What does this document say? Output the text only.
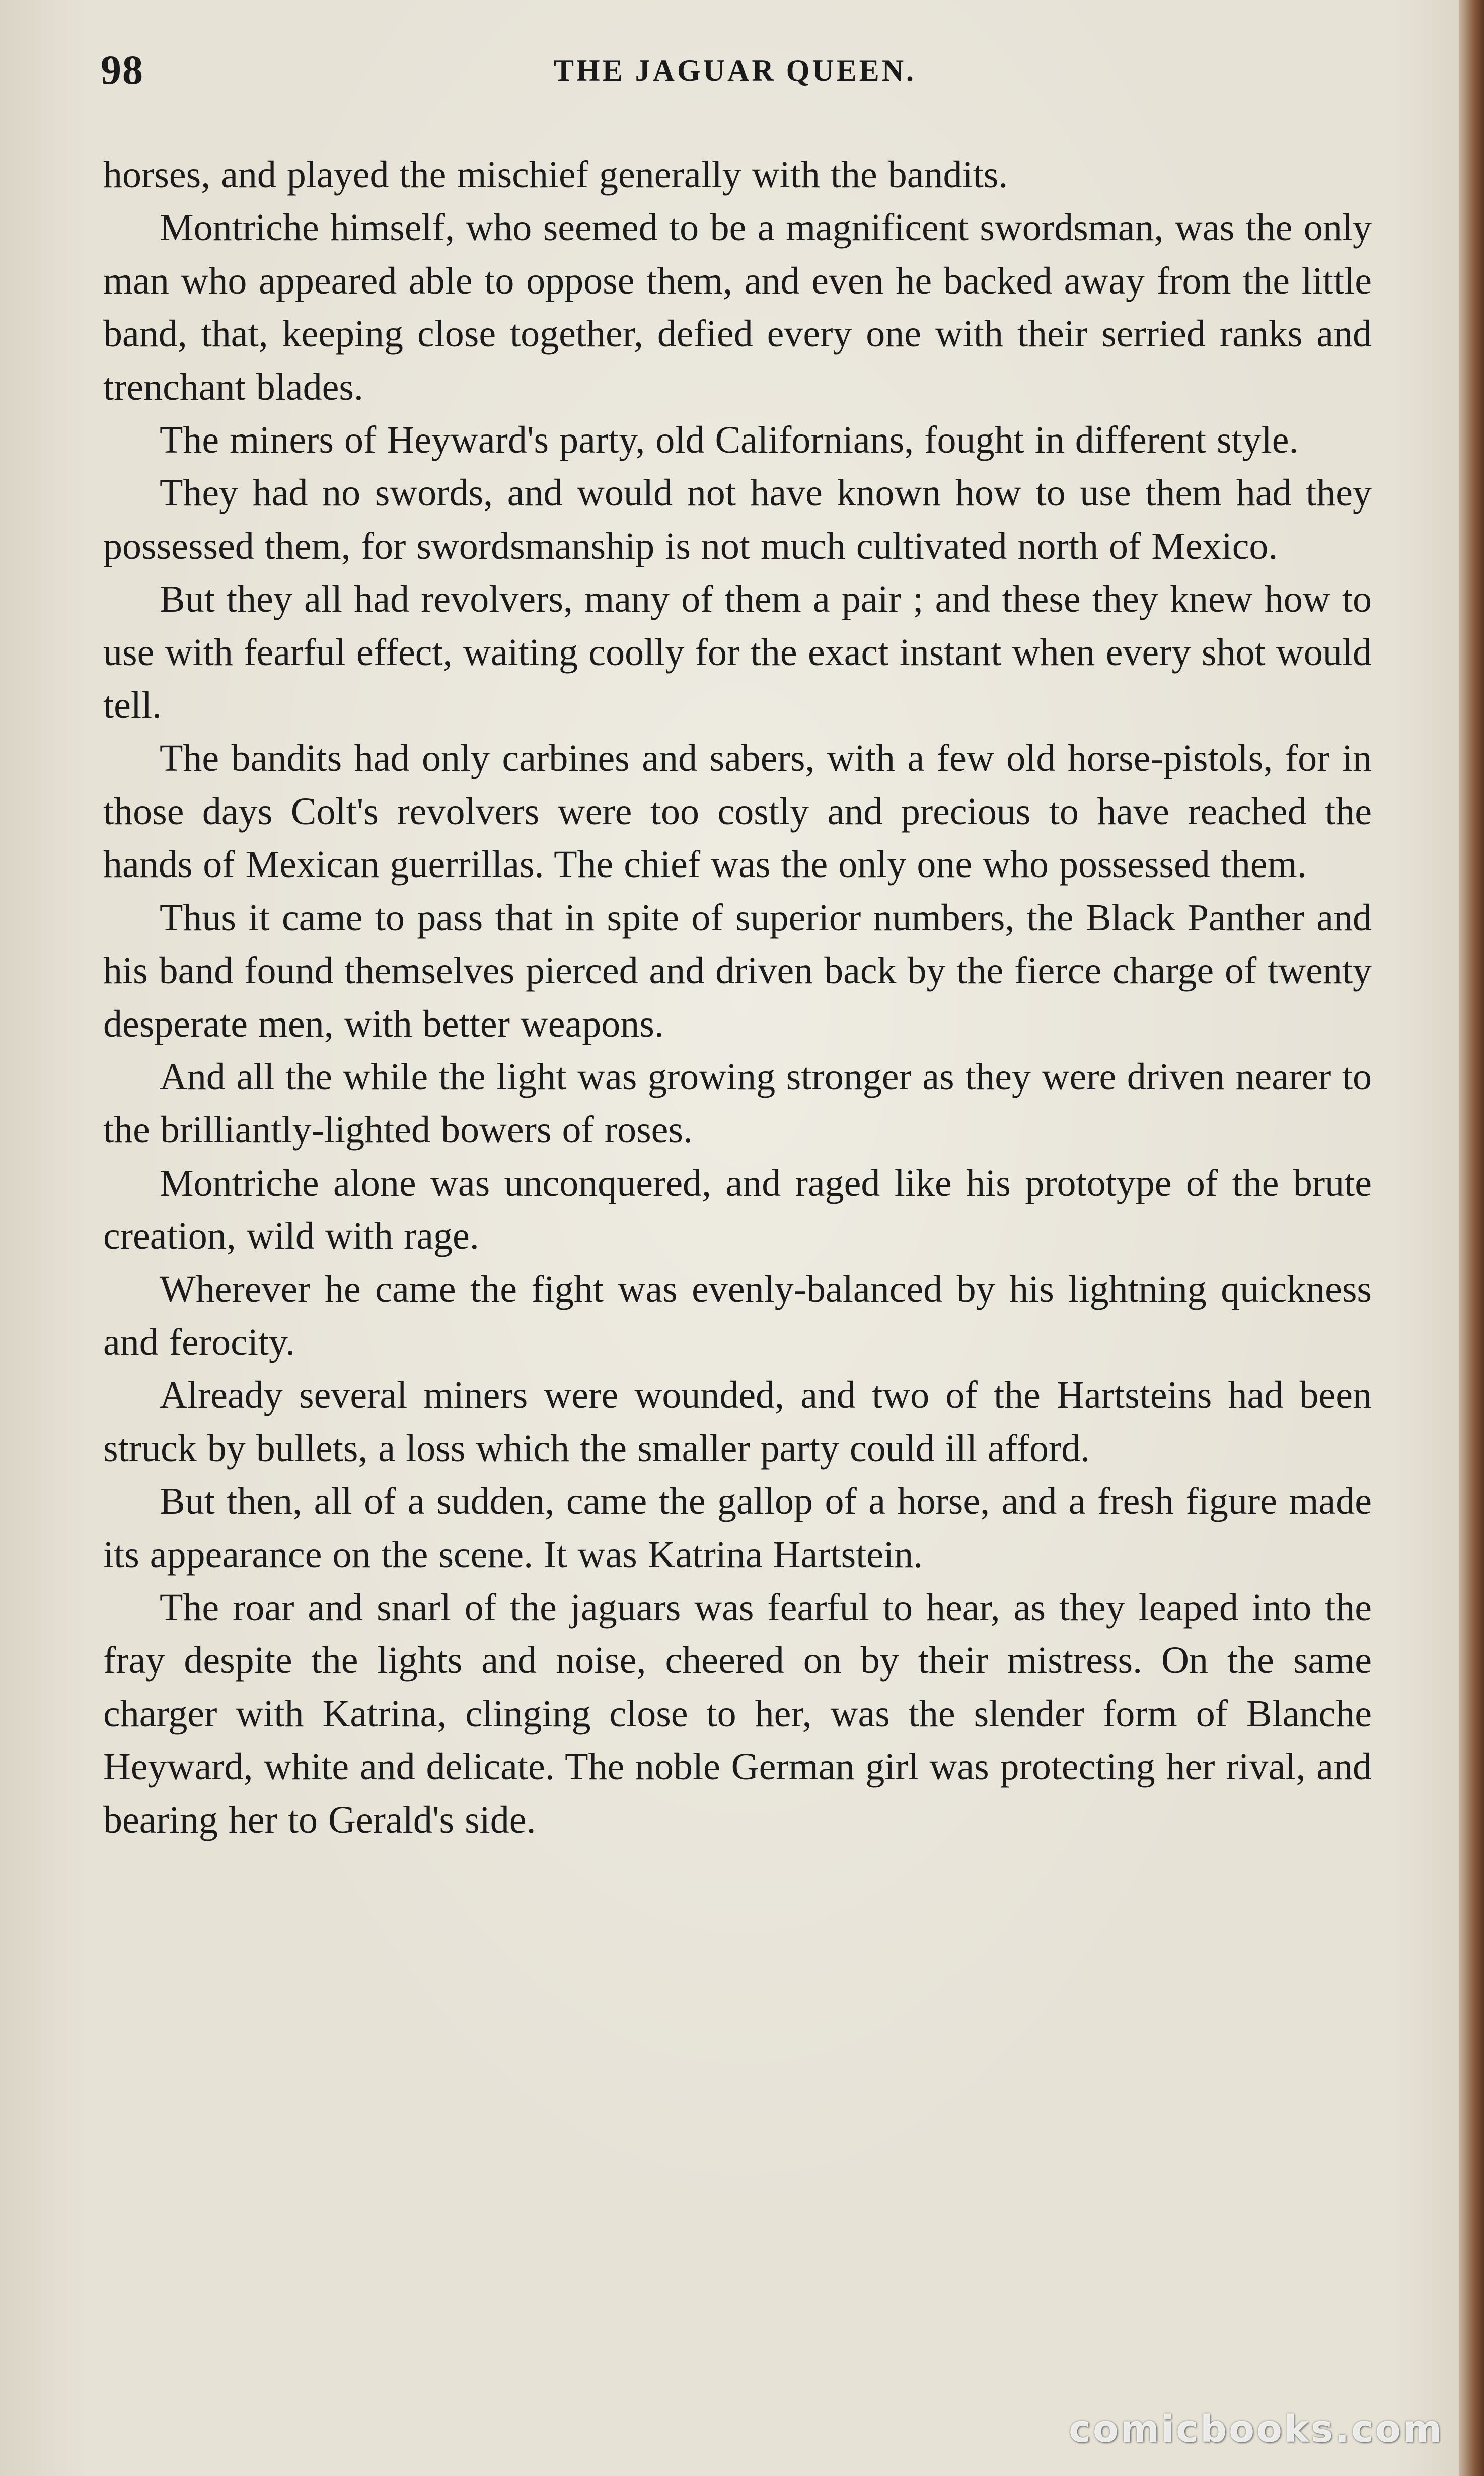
98	THE JAGUAR QUEEN.

horses, and played the mischief generally with the bandits.

Montriche himself, who seemed to be a magnificent swordsman, was the only man who appeared able to oppose them, and even he backed away from the little band, that, keeping close together, defied every one with their serried ranks and trenchant blades.

The miners of Heyward's party, old Californians, fought in different style.

They had no swords, and would not have known how to use them had they possessed them, for swordsmanship is not much cultivated north of Mexico.

But they all had revolvers, many of them a pair ; and these they knew how to use with fearful effect, waiting coolly for the exact instant when every shot would tell.

The bandits had only carbines and sabers, with a few old horse-pistols, for in those days Colt's revolvers were too costly and precious to have reached the hands of Mexican guerrillas. The chief was the only one who possessed them.

Thus it came to pass that in spite of superior numbers, the Black Panther and his band found themselves pierced and driven back by the fierce charge of twenty desperate men, with better weapons.

And all the while the light was growing stronger as they were driven nearer to the brilliantly-lighted bowers of roses.

Montriche alone was unconquered, and raged like his prototype of the brute creation, wild with rage.

Wherever he came the fight was evenly-balanced by his lightning quickness and ferocity.

Already several miners were wounded, and two of the Hartsteins had been struck by bullets, a loss which the smaller party could ill afford.

But then, all of a sudden, came the gallop of a horse, and a fresh figure made its appearance on the scene. It was Katrina Hartstein.

The roar and snarl of the jaguars was fearful to hear, as they leaped into the fray despite the lights and noise, cheered on by their mistress. On the same charger with Katrina, clinging close to her, was the slender form of Blanche Heyward, white and delicate. The noble German girl was protecting her rival, and bearing her to Gerald's side.

comicbooks.com
